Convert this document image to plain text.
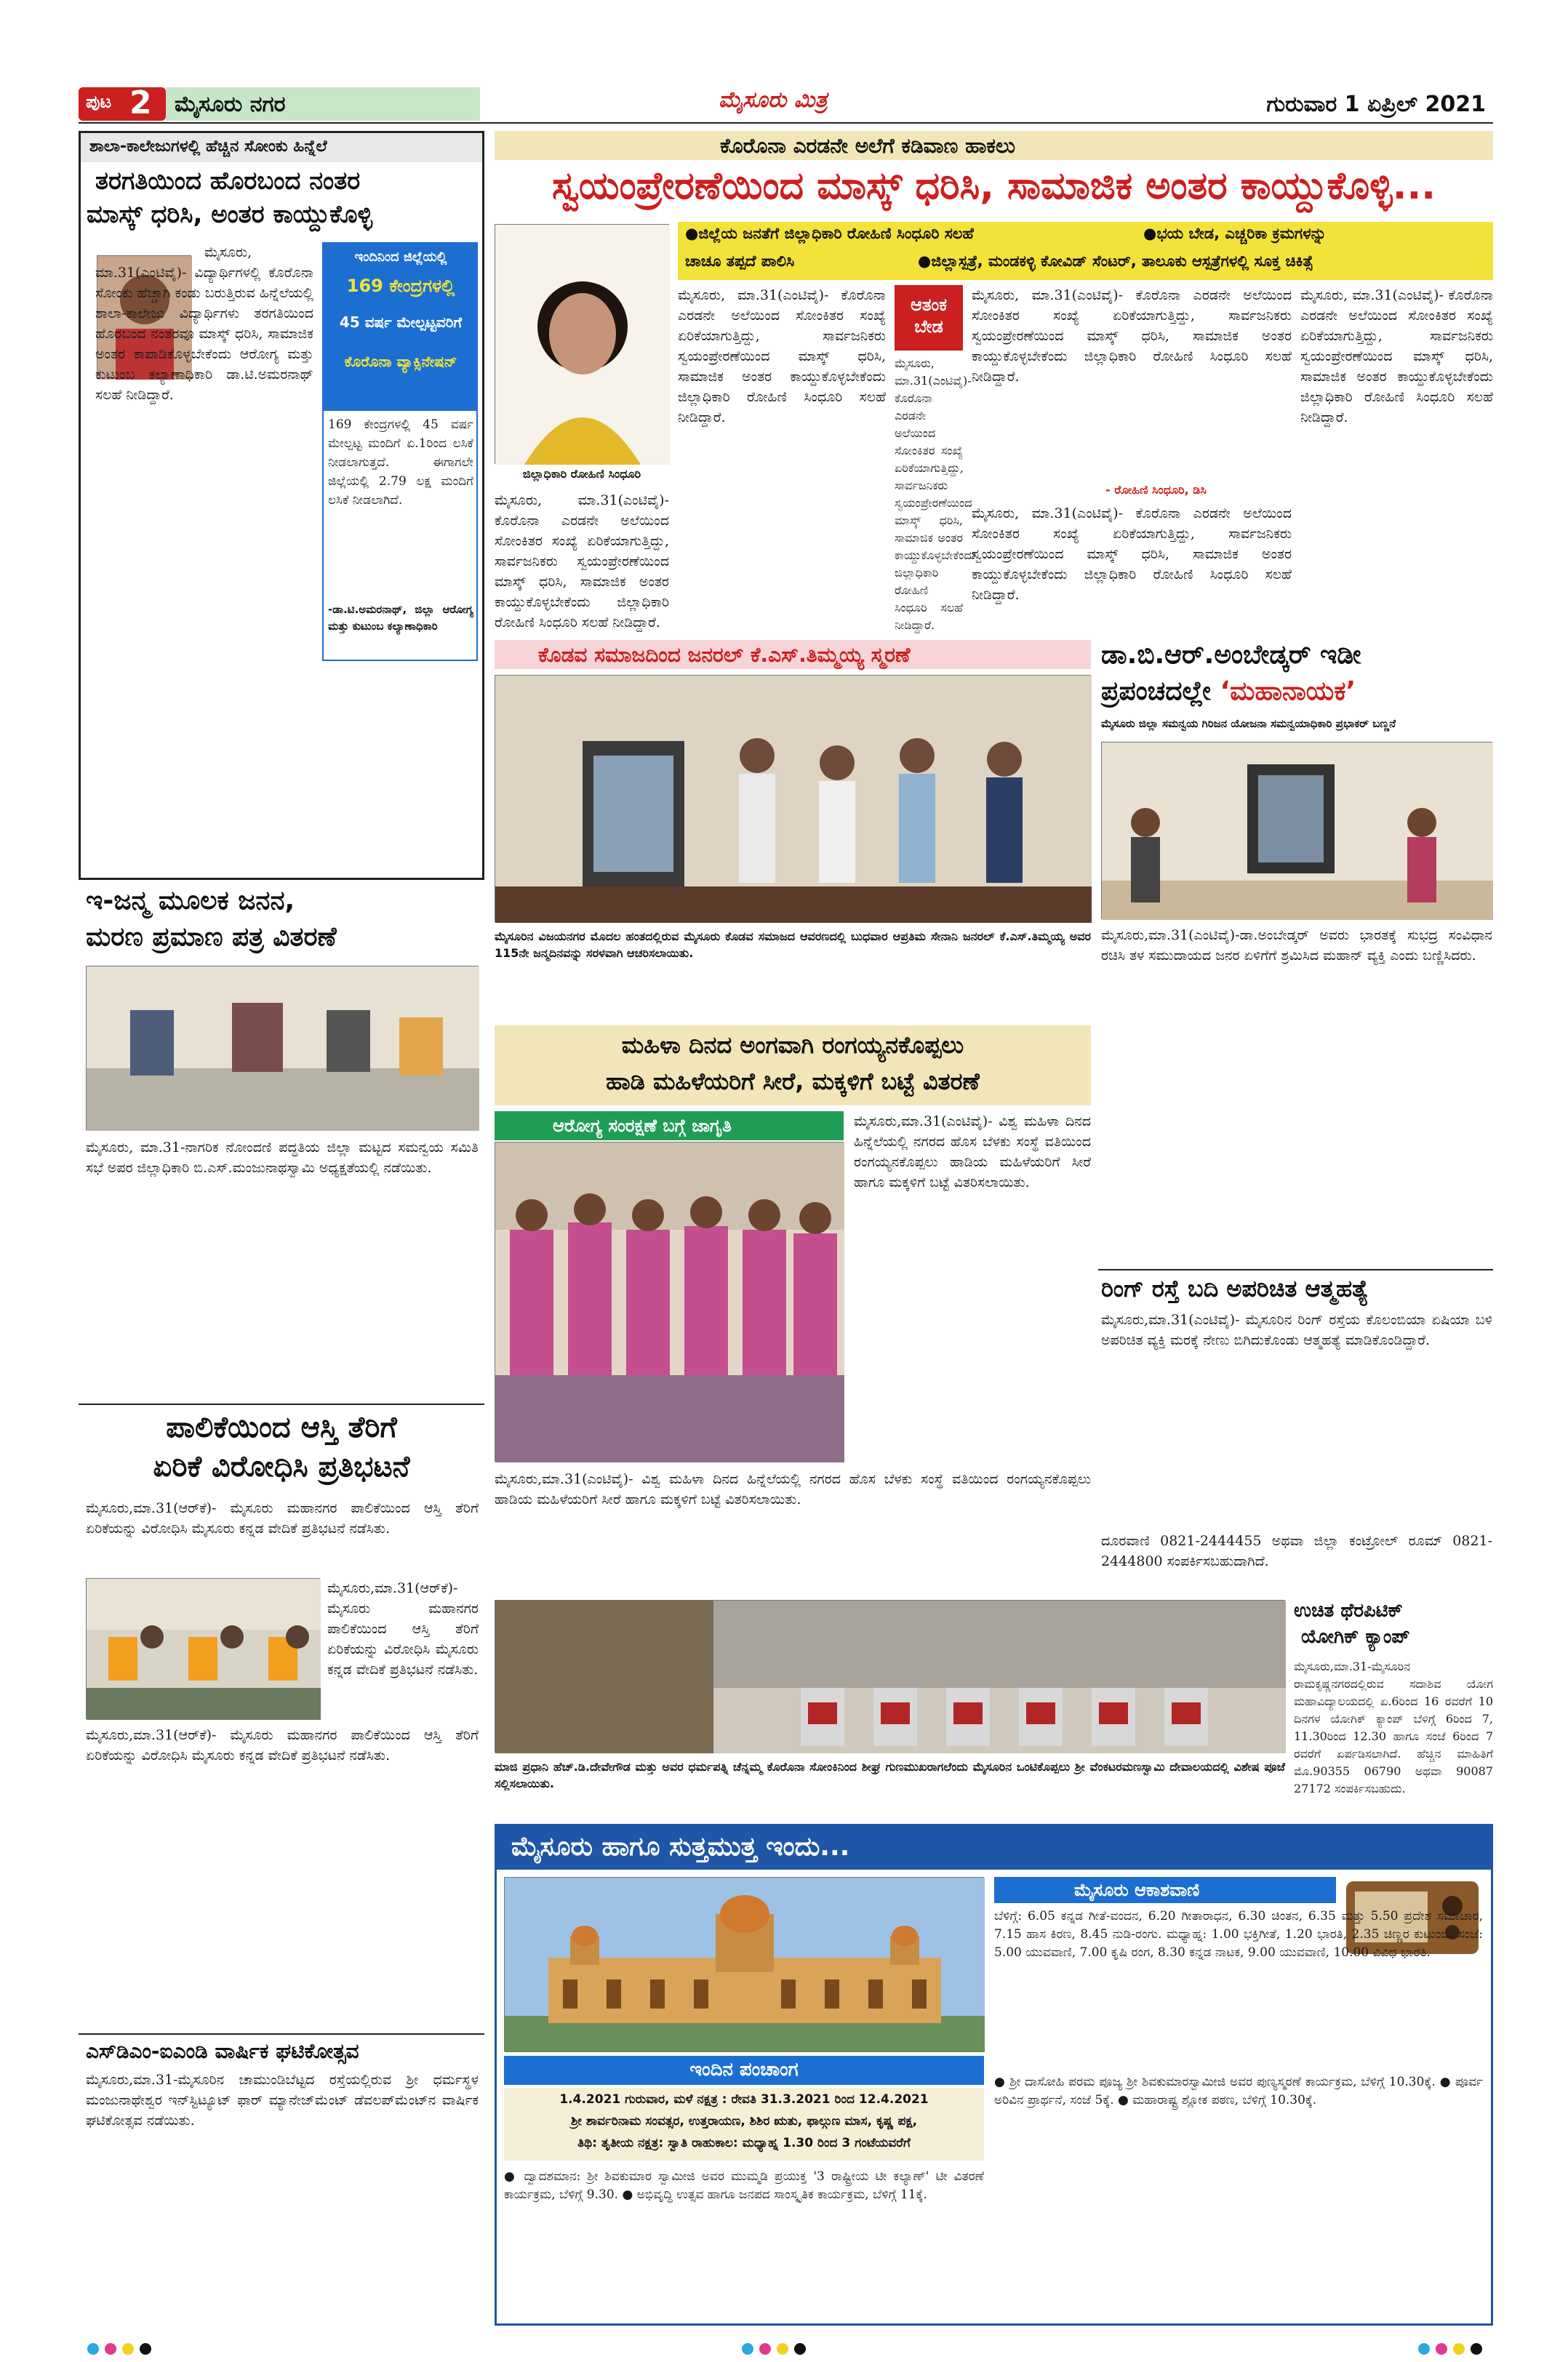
ಪುಟ 2 ಮೈಸೂರು ನಗರ	ಮೈಸೂರು ಮಿತ್ರ	ಗುರುವಾರ 1 ಏಪ್ರಿಲ್ 2021
ಶಾಲಾ-ಕಾಲೇಜುಗಳಲ್ಲಿ ಹೆಚ್ಚಿನ ಸೋಂಕು ಹಿನ್ನೆಲೆ
ತರಗತಿಯಿಂದ ಹೊರಬಂದ ನಂತರ
ಮಾಸ್ಕ್ ಧರಿಸಿ, ಅಂತರ ಕಾಯ್ದುಕೊಳ್ಳಿ
ಮೈಸೂರು, ಮಾ.31(ಎಂಟಿವೈ)- ವಿದ್ಯಾರ್ಥಿಗಳಲ್ಲಿ ಕೊರೊನಾ ಸೋಂಕು ಹೆಚ್ಚಾಗಿ ಕಂಡು ಬರುತ್ತಿರುವ ಹಿನ್ನೆಲೆಯಲ್ಲಿ ಶಾಲಾ-ಕಾಲೇಜು ವಿದ್ಯಾರ್ಥಿಗಳು ತರಗತಿಯಿಂದ ಹೊರಬಂದ ನಂತರವೂ ಮಾಸ್ಕ್ ಧರಿಸಿ, ಸಾಮಾಜಿಕ ಅಂತರ ಕಾಪಾಡಿಕೊಳ್ಳಬೇಕೆಂದು ಆರೋಗ್ಯ ಮತ್ತು ಕುಟುಂಬ ಕಲ್ಯಾಣಾಧಿಕಾರಿ ಡಾ.ಟಿ.ಅಮರನಾಥ್ ಸಲಹೆ ನೀಡಿದ್ದಾರೆ.
ಇಂದಿನಿಂದ ಜಿಲ್ಲೆಯಲ್ಲಿ
169 ಕೇಂದ್ರಗಳಲ್ಲಿ
45 ವರ್ಷ ಮೇಲ್ಪಟ್ಟವರಿಗೆ
ಕೊರೊನಾ ವ್ಯಾಕ್ಸಿನೇಷನ್
169 ಕೇಂದ್ರಗಳಲ್ಲಿ 45 ವರ್ಷ ಮೇಲ್ಪಟ್ಟ ಮಂದಿಗೆ ಏ.1ರಿಂದ ಲಸಿಕೆ ನೀಡಲಾಗುತ್ತದೆ. ಈಗಾಗಲೇ ಜಿಲ್ಲೆಯಲ್ಲಿ 2.79 ಲಕ್ಷ ಮಂದಿಗೆ ಲಸಿಕೆ ನೀಡಲಾಗಿದೆ.
-ಡಾ.ಟಿ.ಅಮರನಾಥ್, ಜಿಲ್ಲಾ ಆರೋಗ್ಯ ಮತ್ತು ಕುಟುಂಬ ಕಲ್ಯಾಣಾಧಿಕಾರಿ
ಕೊರೊನಾ ಎರಡನೇ ಅಲೆಗೆ ಕಡಿವಾಣ ಹಾಕಲು
ಸ್ವಯಂಪ್ರೇರಣೆಯಿಂದ ಮಾಸ್ಕ್ ಧರಿಸಿ, ಸಾಮಾಜಿಕ ಅಂತರ ಕಾಯ್ದುಕೊಳ್ಳಿ...
●ಜಿಲ್ಲೆಯ ಜನತೆಗೆ ಜಿಲ್ಲಾಧಿಕಾರಿ ರೋಹಿಣಿ ಸಿಂಧೂರಿ ಸಲಹೆ	●ಭಯ ಬೇಡ, ಎಚ್ಚರಿಕಾ ಕ್ರಮಗಳನ್ನು
ಚಾಚೂ ತಪ್ಪದೆ ಪಾಲಿಸಿ	●ಜಿಲ್ಲಾಸ್ಪತ್ರೆ, ಮಂಡಕಳ್ಳಿ ಕೋವಿಡ್ ಸೆಂಟರ್, ತಾಲೂಕು ಆಸ್ಪತ್ರೆಗಳಲ್ಲಿ ಸೂಕ್ತ ಚಿಕಿತ್ಸೆ
ಜಿಲ್ಲಾಧಿಕಾರಿ ರೋಹಿಣಿ ಸಿಂಧೂರಿ
ಮೈಸೂರು, ಮಾ.31(ಎಂಟಿವೈ)- ಕೊರೊನಾ ಎರಡನೇ ಅಲೆಯಿಂದ ಸೋಂಕಿತರ ಸಂಖ್ಯೆ ಏರಿಕೆಯಾಗುತ್ತಿದ್ದು, ಸಾರ್ವಜನಿಕರು ಸ್ವಯಂಪ್ರೇರಣೆಯಿಂದ ಮಾಸ್ಕ್ ಧರಿಸಿ, ಸಾಮಾಜಿಕ ಅಂತರ ಕಾಯ್ದುಕೊಳ್ಳಬೇಕೆಂದು ಜಿಲ್ಲಾಧಿಕಾರಿ ರೋಹಿಣಿ ಸಿಂಧೂರಿ ಸಲಹೆ ನೀಡಿದ್ದಾರೆ.
ಮೈಸೂರು, ಮಾ.31(ಎಂಟಿವೈ)- ಕೊರೊನಾ ಎರಡನೇ ಅಲೆಯಿಂದ ಸೋಂಕಿತರ ಸಂಖ್ಯೆ ಏರಿಕೆಯಾಗುತ್ತಿದ್ದು, ಸಾರ್ವಜನಿಕರು ಸ್ವಯಂಪ್ರೇರಣೆಯಿಂದ ಮಾಸ್ಕ್ ಧರಿಸಿ, ಸಾಮಾಜಿಕ ಅಂತರ ಕಾಯ್ದುಕೊಳ್ಳಬೇಕೆಂದು ಜಿಲ್ಲಾಧಿಕಾರಿ ರೋಹಿಣಿ ಸಿಂಧೂರಿ ಸಲಹೆ ನೀಡಿದ್ದಾರೆ.
ಆತಂಕ ಬೇಡ
ಮೈಸೂರು, ಮಾ.31(ಎಂಟಿವೈ)- ಕೊರೊನಾ ಎರಡನೇ ಅಲೆಯಿಂದ ಸೋಂಕಿತರ ಸಂಖ್ಯೆ ಏರಿಕೆಯಾಗುತ್ತಿದ್ದು, ಸಾರ್ವಜನಿಕರು ಸ್ವಯಂಪ್ರೇರಣೆಯಿಂದ ಮಾಸ್ಕ್ ಧರಿಸಿ, ಸಾಮಾಜಿಕ ಅಂತರ ಕಾಯ್ದುಕೊಳ್ಳಬೇಕೆಂದು ಜಿಲ್ಲಾಧಿಕಾರಿ ರೋಹಿಣಿ ಸಿಂಧೂರಿ ಸಲಹೆ ನೀಡಿದ್ದಾರೆ.
ಮೈಸೂರು, ಮಾ.31(ಎಂಟಿವೈ)- ಕೊರೊನಾ ಎರಡನೇ ಅಲೆಯಿಂದ ಸೋಂಕಿತರ ಸಂಖ್ಯೆ ಏರಿಕೆಯಾಗುತ್ತಿದ್ದು, ಸಾರ್ವಜನಿಕರು ಸ್ವಯಂಪ್ರೇರಣೆಯಿಂದ ಮಾಸ್ಕ್ ಧರಿಸಿ, ಸಾಮಾಜಿಕ ಅಂತರ ಕಾಯ್ದುಕೊಳ್ಳಬೇಕೆಂದು ಜಿಲ್ಲಾಧಿಕಾರಿ ರೋಹಿಣಿ ಸಿಂಧೂರಿ ಸಲಹೆ ನೀಡಿದ್ದಾರೆ.
- ರೋಹಿಣಿ ಸಿಂಧೂರಿ, ಡಿಸಿ
ಮೈಸೂರು, ಮಾ.31(ಎಂಟಿವೈ)- ಕೊರೊನಾ ಎರಡನೇ ಅಲೆಯಿಂದ ಸೋಂಕಿತರ ಸಂಖ್ಯೆ ಏರಿಕೆಯಾಗುತ್ತಿದ್ದು, ಸಾರ್ವಜನಿಕರು ಸ್ವಯಂಪ್ರೇರಣೆಯಿಂದ ಮಾಸ್ಕ್ ಧರಿಸಿ, ಸಾಮಾಜಿಕ ಅಂತರ ಕಾಯ್ದುಕೊಳ್ಳಬೇಕೆಂದು ಜಿಲ್ಲಾಧಿಕಾರಿ ರೋಹಿಣಿ ಸಿಂಧೂರಿ ಸಲಹೆ ನೀಡಿದ್ದಾರೆ.
ಮೈಸೂರು, ಮಾ.31(ಎಂಟಿವೈ)- ಕೊರೊನಾ ಎರಡನೇ ಅಲೆಯಿಂದ ಸೋಂಕಿತರ ಸಂಖ್ಯೆ ಏರಿಕೆಯಾಗುತ್ತಿದ್ದು, ಸಾರ್ವಜನಿಕರು ಸ್ವಯಂಪ್ರೇರಣೆಯಿಂದ ಮಾಸ್ಕ್ ಧರಿಸಿ, ಸಾಮಾಜಿಕ ಅಂತರ ಕಾಯ್ದುಕೊಳ್ಳಬೇಕೆಂದು ಜಿಲ್ಲಾಧಿಕಾರಿ ರೋಹಿಣಿ ಸಿಂಧೂರಿ ಸಲಹೆ ನೀಡಿದ್ದಾರೆ.
ಇ-ಜನ್ಮ ಮೂಲಕ ಜನನ,
ಮರಣ ಪ್ರಮಾಣ ಪತ್ರ ವಿತರಣೆ
ಮೈಸೂರು, ಮಾ.31-ನಾಗರಿಕ ನೋಂದಣಿ ಪದ್ಧತಿಯ ಜಿಲ್ಲಾ ಮಟ್ಟದ ಸಮನ್ವಯ ಸಮಿತಿ ಸಭೆ ಅಪರ ಜಿಲ್ಲಾಧಿಕಾರಿ ಬಿ.ಎಸ್.ಮಂಜುನಾಥಸ್ವಾಮಿ ಅಧ್ಯಕ್ಷತೆಯಲ್ಲಿ ನಡೆಯಿತು.
ಕೊಡವ ಸಮಾಜದಿಂದ ಜನರಲ್ ಕೆ.ಎಸ್.ತಿಮ್ಮಯ್ಯ ಸ್ಮರಣೆ
ಮೈಸೂರಿನ ವಿಜಯನಗರ ಮೊದಲ ಹಂತದಲ್ಲಿರುವ ಮೈಸೂರು ಕೊಡವ ಸಮಾಜದ ಆವರಣದಲ್ಲಿ ಬುಧವಾರ ಆಪ್ರತಿಮ ಸೇನಾನಿ ಜನರಲ್ ಕೆ.ಎಸ್.ತಿಮ್ಮಯ್ಯ ಅವರ 115ನೇ ಜನ್ಮದಿನವನ್ನು ಸರಳವಾಗಿ ಆಚರಿಸಲಾಯಿತು.
ಡಾ.ಬಿ.ಆರ್.ಅಂಬೇಡ್ಕರ್ ಇಡೀ
ಪ್ರಪಂಚದಲ್ಲೇ ‘ಮಹಾನಾಯಕ’
ಮೈಸೂರು ಜಿಲ್ಲಾ ಸಮನ್ವಯ ಗಿರಿಜನ ಯೋಜನಾ ಸಮನ್ವಯಾಧಿಕಾರಿ ಪ್ರಭಾಕರ್ ಬಣ್ಣನೆ
ಮೈಸೂರು,ಮಾ.31(ಎಂಟಿವೈ)-ಡಾ.ಅಂಬೇಡ್ಕರ್ ಅವರು ಭಾರತಕ್ಕೆ ಸುಭದ್ರ ಸಂವಿಧಾನ ರಚಿಸಿ ತಳ ಸಮುದಾಯದ ಜನರ ಏಳಿಗೆಗೆ ಶ್ರಮಿಸಿದ ಮಹಾನ್ ವ್ಯಕ್ತಿ ಎಂದು ಬಣ್ಣಿಸಿದರು.
ಮಹಿಳಾ ದಿನದ ಅಂಗವಾಗಿ ರಂಗಯ್ಯನಕೊಪ್ಪಲು
ಹಾಡಿ ಮಹಿಳೆಯರಿಗೆ ಸೀರೆ, ಮಕ್ಕಳಿಗೆ ಬಟ್ಟೆ ವಿತರಣೆ
ಆರೋಗ್ಯ ಸಂರಕ್ಷಣೆ ಬಗ್ಗೆ ಜಾಗೃತಿ	ಮೈಸೂರು,ಮಾ.31(ಎಂಟಿವೈ)- ವಿಶ್ವ ಮಹಿಳಾ ದಿನದ ಹಿನ್ನೆಲೆಯಲ್ಲಿ ನಗರದ ಹೊಸ ಬೆಳಕು ಸಂಸ್ಥೆ ವತಿಯಿಂದ ರಂಗಯ್ಯನಕೊಪ್ಪಲು ಹಾಡಿಯ ಮಹಿಳೆಯರಿಗೆ ಸೀರೆ ಹಾಗೂ ಮಕ್ಕಳಿಗೆ ಬಟ್ಟೆ ವಿತರಿಸಲಾಯಿತು.
ಮೈಸೂರು,ಮಾ.31(ಎಂಟಿವೈ)- ವಿಶ್ವ ಮಹಿಳಾ ದಿನದ ಹಿನ್ನೆಲೆಯಲ್ಲಿ ನಗರದ ಹೊಸ ಬೆಳಕು ಸಂಸ್ಥೆ ವತಿಯಿಂದ ರಂಗಯ್ಯನಕೊಪ್ಪಲು ಹಾಡಿಯ ಮಹಿಳೆಯರಿಗೆ ಸೀರೆ ಹಾಗೂ ಮಕ್ಕಳಿಗೆ ಬಟ್ಟೆ ವಿತರಿಸಲಾಯಿತು.
ರಿಂಗ್ ರಸ್ತೆ ಬದಿ ಅಪರಿಚಿತ ಆತ್ಮಹತ್ಯೆ
ಮೈಸೂರು,ಮಾ.31(ಎಂಟಿವೈ)- ಮೈಸೂರಿನ ರಿಂಗ್ ರಸ್ತೆಯ ಕೊಲಂಬಿಯಾ ಏಷಿಯಾ ಬಳಿ ಅಪರಿಚಿತ ವ್ಯಕ್ತಿ ಮರಕ್ಕೆ ನೇಣು ಬಿಗಿದುಕೊಂಡು ಆತ್ಮಹತ್ಯೆ ಮಾಡಿಕೊಂಡಿದ್ದಾರೆ.
ದೂರವಾಣಿ 0821-2444455 ಅಥವಾ ಜಿಲ್ಲಾ ಕಂಟ್ರೋಲ್ ರೂಮ್ 0821-2444800 ಸಂಪರ್ಕಿಸಬಹುದಾಗಿದೆ.
ಪಾಲಿಕೆಯಿಂದ ಆಸ್ತಿ ತೆರಿಗೆ
ಏರಿಕೆ ವಿರೋಧಿಸಿ ಪ್ರತಿಭಟನೆ
ಮೈಸೂರು,ಮಾ.31(ಆರ್‌ಕೆ)- ಮೈಸೂರು ಮಹಾನಗರ ಪಾಲಿಕೆಯಿಂದ ಆಸ್ತಿ ತೆರಿಗೆ ಏರಿಕೆಯನ್ನು ವಿರೋಧಿಸಿ ಮೈಸೂರು ಕನ್ನಡ ವೇದಿಕೆ ಪ್ರತಿಭಟನೆ ನಡೆಸಿತು.
ಮೈಸೂರು,ಮಾ.31(ಆರ್‌ಕೆ)- ಮೈಸೂರು ಮಹಾನಗರ ಪಾಲಿಕೆಯಿಂದ ಆಸ್ತಿ ತೆರಿಗೆ ಏರಿಕೆಯನ್ನು ವಿರೋಧಿಸಿ ಮೈಸೂರು ಕನ್ನಡ ವೇದಿಕೆ ಪ್ರತಿಭಟನೆ ನಡೆಸಿತು.
ಮೈಸೂರು,ಮಾ.31(ಆರ್‌ಕೆ)- ಮೈಸೂರು ಮಹಾನಗರ ಪಾಲಿಕೆಯಿಂದ ಆಸ್ತಿ ತೆರಿಗೆ ಏರಿಕೆಯನ್ನು ವಿರೋಧಿಸಿ ಮೈಸೂರು ಕನ್ನಡ ವೇದಿಕೆ ಪ್ರತಿಭಟನೆ ನಡೆಸಿತು.
ಎಸ್‌ಡಿಎಂ-ಐಎಂಡಿ ವಾರ್ಷಿಕ ಘಟಿಕೋತ್ಸವ
ಮೈಸೂರು,ಮಾ.31-ಮೈಸೂರಿನ ಚಾಮುಂಡಿಬೆಟ್ಟದ ರಸ್ತೆಯಲ್ಲಿರುವ ಶ್ರೀ ಧರ್ಮಸ್ಥಳ ಮಂಜುನಾಥೇಶ್ವರ ಇನ್‌ಸ್ಟಿಟ್ಯೂಟ್ ಫಾರ್ ಮ್ಯಾನೇಜ್‌ಮೆಂಟ್ ಡೆವಲಪ್‌ಮೆಂಟ್‌ನ ವಾರ್ಷಿಕ ಘಟಿಕೋತ್ಸವ ನಡೆಯಿತು.
ಮಾಜಿ ಪ್ರಧಾನಿ ಹೆಚ್.ಡಿ.ದೇವೇಗೌಡ ಮತ್ತು ಅವರ ಧರ್ಮಪತ್ನಿ ಚೆನ್ನಮ್ಮ ಕೊರೊನಾ ಸೋಂಕಿನಿಂದ ಶೀಘ್ರ ಗುಣಮುಖರಾಗಲೆಂದು ಮೈಸೂರಿನ ಒಂಟಿಕೊಪ್ಪಲು ಶ್ರೀ ವೆಂಕಟರಮಣಸ್ವಾಮಿ ದೇವಾಲಯದಲ್ಲಿ ವಿಶೇಷ ಪೂಜೆ ಸಲ್ಲಿಸಲಾಯಿತು.
ಉಚಿತ ಥೆರಪಿಟಿಕ್
ಯೋಗಿಕ್ ಕ್ಯಾಂಪ್
ಮೈಸೂರು,ಮಾ.31-ಮೈಸೂರಿನ ರಾಮಕೃಷ್ಣನಗರದಲ್ಲಿರುವ ಸದಾಶಿವ ಯೋಗ ಮಹಾವಿದ್ಯಾಲಯದಲ್ಲಿ ಏ.6ರಿಂದ 16 ರವರೆಗೆ 10 ದಿನಗಳ ಯೋಗಿಕ್ ಕ್ಯಾಂಪ್ ಬೆಳಿಗ್ಗೆ 6ರಿಂದ 7, 11.30ರಿಂದ 12.30 ಹಾಗೂ ಸಂಜೆ 6ರಿಂದ 7 ರವರೆಗೆ ಏರ್ಪಡಿಸಲಾಗಿದೆ. ಹೆಚ್ಚಿನ ಮಾಹಿತಿಗೆ ಮೊ.90355 06790 ಅಥವಾ 90087 27172 ಸಂಪರ್ಕಿಸಬಹುದು.
ಮೈಸೂರು ಹಾಗೂ ಸುತ್ತಮುತ್ತ ಇಂದು...
ಇಂದಿನ ಪಂಚಾಂಗ
1.4.2021 ಗುರುವಾರ, ಮಳೆ ನಕ್ಷತ್ರ : ರೇವತಿ 31.3.2021 ರಿಂದ 12.4.2021
ಶ್ರೀ ಶಾರ್ವರಿನಾಮ ಸಂವತ್ಸರ, ಉತ್ತರಾಯಣ, ಶಿಶಿರ ಋತು, ಫಾಲ್ಗುಣ ಮಾಸ, ಕೃಷ್ಣ ಪಕ್ಷ,
ತಿಥಿ: ತೃತೀಯ ನಕ್ಷತ್ರ: ಸ್ವಾತಿ ರಾಹುಕಾಲ: ಮಧ್ಯಾಹ್ನ 1.30 ರಿಂದ 3 ಗಂಟೆಯವರೆಗೆ
ಮೈಸೂರು ಆಕಾಶವಾಣಿ
ಬೆಳಿಗ್ಗೆ: 6.05 ಕನ್ನಡ ಗೀತೆ-ವಂದನ, 6.20 ಗೀತಾರಾಧನ, 6.30 ಚಿಂತನ, 6.35 ಮತ್ತು 5.50 ಪ್ರದೇಶ ಸಮಾಚಾರ, 7.15 ಹಾಸ ಕಿರಣ, 8.45 ನುಡಿ-ರಂಗು. ಮಧ್ಯಾಹ್ನ: 1.00 ಭಕ್ತಿಗೀತೆ, 1.20 ಭಾರತಿ, 2.35 ಚಿಣ್ಣರ ಕುಟುಂಬ. ಸಂಜೆ: 5.00 ಯುವವಾಣಿ, 7.00 ಕೃಷಿ ರಂಗ, 8.30 ಕನ್ನಡ ನಾಟಕ, 9.00 ಯುವವಾಣಿ, 10.00 ವಿವಿಧ ಭಾರತಿ.
● ದ್ವಾದಶಮಾನ: ಶ್ರೀ ಶಿವಕುಮಾರ ಸ್ವಾಮೀಜಿ ಅವರ ಮುಮ್ಮಡಿ ಪ್ರಯುಕ್ತ '3 ರಾಷ್ಟ್ರೀಯ ಟೀ ಕಲ್ಯಾಣ್' ಟೀ ವಿತರಣೆ ಕಾರ್ಯಕ್ರಮ, ಬೆಳಿಗ್ಗೆ 9.30. ● ಅಭಿವೃದ್ಧಿ ಉತ್ಸವ ಹಾಗೂ ಜನಪದ ಸಾಂಸ್ಕೃತಿಕ ಕಾರ್ಯಕ್ರಮ, ಬೆಳಿಗ್ಗೆ 11ಕ್ಕೆ.
● ಶ್ರೀ ದಾಸೋಹಿ ಪರಮ ಪೂಜ್ಯ ಶ್ರೀ ಶಿವಕುಮಾರಸ್ವಾಮೀಜಿ ಅವರ ಪುಣ್ಯಸ್ಮರಣೆ ಕಾರ್ಯಕ್ರಮ, ಬೆಳಿಗ್ಗೆ 10.30ಕ್ಕೆ. ● ಪೂರ್ವ ಅರಿವಿನ ಪ್ರಾರ್ಥನೆ, ಸಂಜೆ 5ಕ್ಕೆ. ● ಮಹಾರಾಷ್ಟ್ರ ಶ್ಲೋಕ ಪಠಣ, ಬೆಳಿಗ್ಗೆ 10.30ಕ್ಕೆ.
